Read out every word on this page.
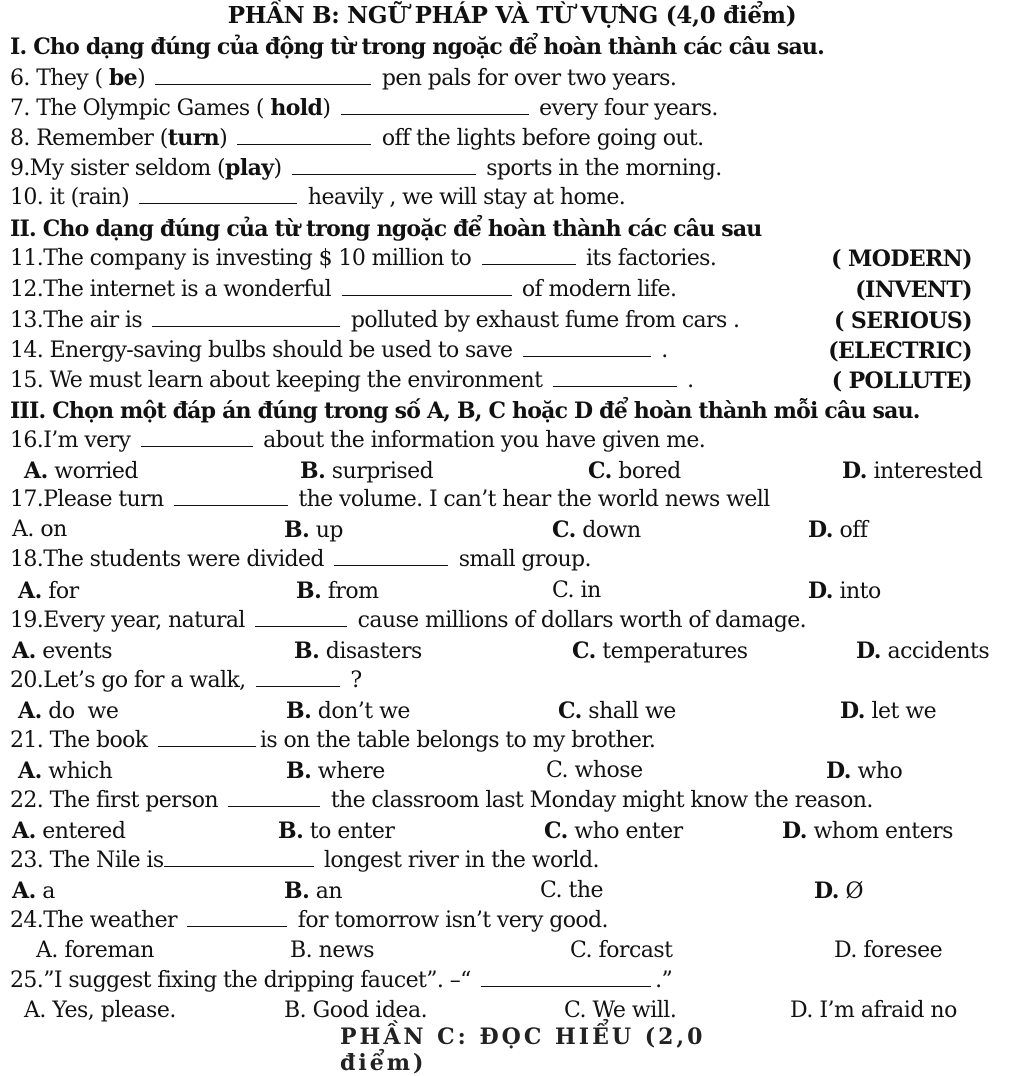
PHẦN B: NGỮ PHÁP VÀ TỪ VỰNG (4,0 điểm)
I. Cho dạng đúng của động từ trong ngoặc để hoàn thành các câu sau.
6. They ( be)	pen pals for over two years.
7. The Olympic Games ( hold)	every four years.
8. Remember (turn)	off the lights before going out.
9.My sister seldom (play)	sports in the morning.
10. it (rain)	heavily , we will stay at home.
II. Cho dạng đúng của từ trong ngoặc để hoàn thành các câu sau
11.The company is investing $ 10 million to	its factories.	( MODERN)
12.The internet is a wonderful	of modern life.	(INVENT)
13.The air is	polluted by exhaust fume from cars .	( SERIOUS)
14. Energy-saving bulbs should be used to save	.	(ELECTRIC)
15. We must learn about keeping the environment	.	( POLLUTE)
III. Chọn một đáp án đúng trong số A, B, C hoặc D để hoàn thành mỗi câu sau.
16.I’m very	about the information you have given me.
A. worried	B. surprised	C. bored	D. interested
17.Please turn	the volume. I can’t hear the world news well
A. on	B. up	C. down	D. off
18.The students were divided	small group.
A. for	B. from	C. in	D. into
19.Every year, natural	cause millions of dollars worth of damage.
A. events	B. disasters	C. temperatures	D. accidents
20.Let’s go for a walk,	?
A. do  we	B. don’t we	C. shall we	D. let we
21. The book	is on the table belongs to my brother.
A. which	B. where	C. whose	D. who
22. The first person	the classroom last Monday might know the reason.
A. entered	B. to enter	C. who enter	D. whom enters
23. The Nile is	longest river in the world.
A. a	B. an	C. the	D. Ø
24.The weather	for tomorrow isn’t very good.
A. foreman	B. news	C. forcast	D. foresee
25.”I suggest fixing the dripping faucet”. –“	.”
A. Yes, please.	B. Good idea.	C. We will.	D. I’m afraid no
PHẦN C: ĐỌC HIỂU (2,0 điểm)
